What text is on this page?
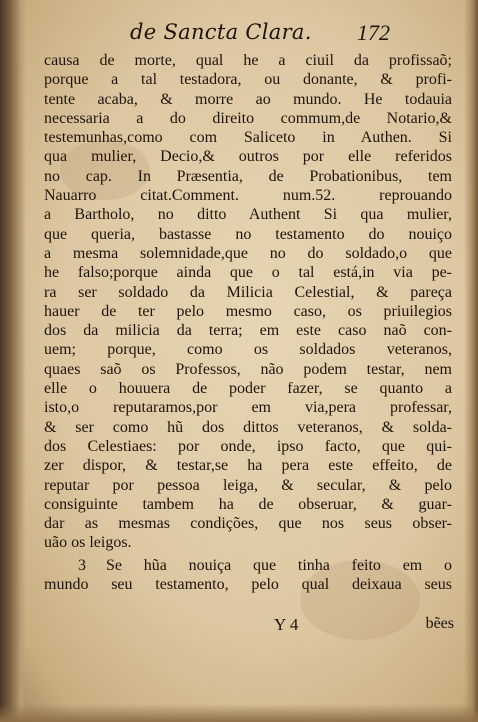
de Sancta Clara. 172
causa de morte, qual he a ciuil da profissaõ;
porque a tal testadora, ou donante, & profi-
tente acaba, & morre ao mundo. He todauia
necessaria a do direito commum,de Notario,&
testemunhas,como com Saliceto in Authen. Si
qua mulier, Decio,& outros por elle referidos
no cap. In Præsentia, de Probationibus, tem
Nauarro citat.Comment. num.52. reprouando
a Bartholo, no ditto Authent Si qua mulier,
que queria, bastasse no testamento do nouiço
a mesma solemnidade,que no do soldado,o que
he falso;porque ainda que o tal está,in via pe-
ra ser soldado da Milicia Celestial, & pareça
hauer de ter pelo mesmo caso, os priuilegios
dos da milicia da terra; em este caso naõ con-
uem; porque, como os soldados veteranos,
quaes saõ os Professos, não podem testar, nem
elle o houuera de poder fazer, se quanto a
isto,o reputaramos,por em via,pera professar,
& ser como hũ dos dittos veteranos, & solda-
dos Celestiaes: por onde, ipso facto, que qui-
zer dispor, & testar,se ha pera este effeito, de
reputar por pessoa leiga, & secular, & pelo
consiguinte tambem ha de obseruar, & guar-
dar as mesmas condições, que nos seus obser-
uão os leigos.
3 Se hũa nouiça que tinha feito em o
mundo seu testamento, pelo qual deixaua seus
Y 4	bẽes
